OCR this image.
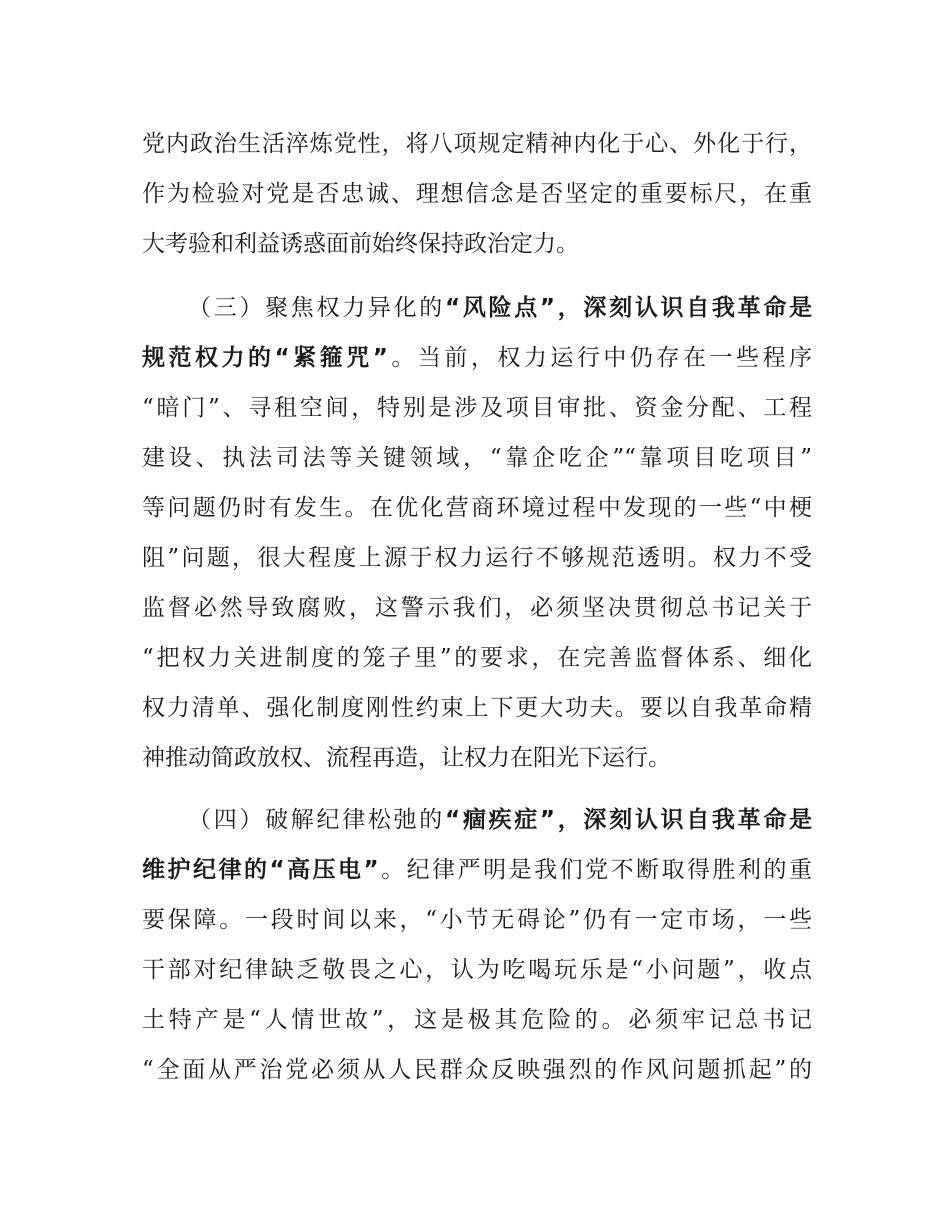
党内政治生活淬炼党性，将八项规定精神内化于心、外化于行，
作为检验对党是否忠诚、理想信念是否坚定的重要标尺，在重
大考验和利益诱惑面前始终保持政治定力。
（三）聚焦权力异化的“风险点”，深刻认识自我革命是
规范权力的“紧箍咒”。当前，权力运行中仍存在一些程序
“暗门”、寻租空间，特别是涉及项目审批、资金分配、工程
建设、执法司法等关键领域，“靠企吃企”“靠项目吃项目”
等问题仍时有发生。在优化营商环境过程中发现的一些“中梗
阻”问题，很大程度上源于权力运行不够规范透明。权力不受
监督必然导致腐败，这警示我们，必须坚决贯彻总书记关于
“把权力关进制度的笼子里”的要求，在完善监督体系、细化
权力清单、强化制度刚性约束上下更大功夫。要以自我革命精
神推动简政放权、流程再造，让权力在阳光下运行。
（四）破解纪律松弛的“痼疾症”，深刻认识自我革命是
维护纪律的“高压电”。纪律严明是我们党不断取得胜利的重
要保障。一段时间以来，“小节无碍论”仍有一定市场，一些
干部对纪律缺乏敬畏之心，认为吃喝玩乐是“小问题”，收点
土特产是“人情世故”，这是极其危险的。必须牢记总书记
“全面从严治党必须从人民群众反映强烈的作风问题抓起”的
